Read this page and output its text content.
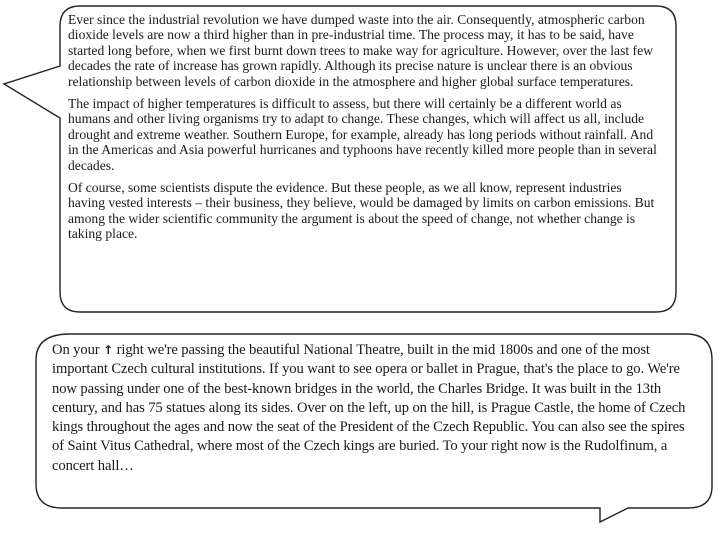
Ever since the industrial revolution we have dumped waste into the air. Consequently, atmospheric carbon dioxide levels are now a third higher than in pre-industrial time. The process may, it has to be said, have started long before, when we first burnt down trees to make way for agriculture. However, over the last few decades the rate of increase has grown rapidly. Although its precise nature is unclear there is an obvious relationship between levels of carbon dioxide in the atmosphere and higher global surface temperatures.

The impact of higher temperatures is difficult to assess, but there will certainly be a different world as humans and other living organisms try to adapt to change. These changes, which will affect us all, include drought and extreme weather. Southern Europe, for example, already has long periods without rainfall. And in the Americas and Asia powerful hurricanes and typhoons have recently killed more people than in several decades.

Of course, some scientists dispute the evidence. But these people, as we all know, represent industries having vested interests – their business, they believe, would be damaged by limits on carbon emissions. But among the wider scientific community the argument is about the speed of change, not whether change is taking place.

On your ↑ right we're passing the beautiful National Theatre, built in the mid 1800s and one of the most important Czech cultural institutions. If you want to see opera or ballet in Prague, that's the place to go. We're now passing under one of the best-known bridges in the world, the Charles Bridge. It was built in the 13th century, and has 75 statues along its sides. Over on the left, up on the hill, is Prague Castle, the home of Czech kings throughout the ages and now the seat of the President of the Czech Republic. You can also see the spires of Saint Vitus Cathedral, where most of the Czech kings are buried. To your right now is the Rudolfinum, a concert hall…
